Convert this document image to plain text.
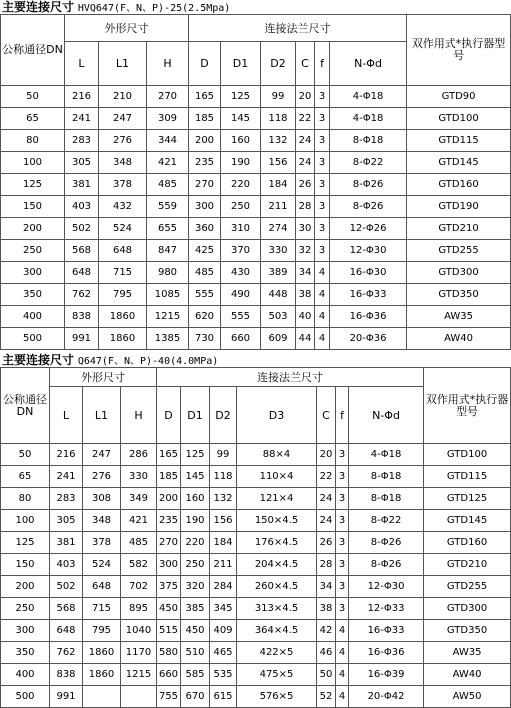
主要连接尺寸 HVQ647(F、N、P)-25(2.5Mpa)
公称通径DN	外形尺寸			连接法兰尺寸						双作用式*执行器型号
	L	L1	H	D	D1	D2	C	f	N-Φd	
50	216	210	270	165	125	99	20	3	4-Φ18	GTD90
65	241	247	309	185	145	118	22	3	4-Φ18	GTD100
80	283	276	344	200	160	132	24	3	8-Φ18	GTD115
100	305	348	421	235	190	156	24	3	8-Φ22	GTD145
125	381	378	485	270	220	184	26	3	8-Φ26	GTD160
150	403	432	559	300	250	211	28	3	8-Φ26	GTD190
200	502	524	655	360	310	274	30	3	12-Φ26	GTD210
250	568	648	847	425	370	330	32	3	12-Φ30	GTD255
300	648	715	980	485	430	389	34	4	16-Φ30	GTD300
350	762	795	1085	555	490	448	38	4	16-Φ33	GTD350
400	838	1860	1215	620	555	503	40	4	16-Φ36	AW35
500	991	1860	1385	730	660	609	44	4	20-Φ36	AW40
主要连接尺寸 Q647(F、N、P)-40(4.0MPa)
公称通径DN	外形尺寸			连接法兰尺寸							双作用式*执行器型号
	L	L1	H	D	D1	D2	D3	C	f	N-Φd	
50	216	247	286	165	125	99	88×4	20	3	4-Φ18	GTD100
65	241	276	330	185	145	118	110×4	22	3	8-Φ18	GTD115
80	283	308	349	200	160	132	121×4	24	3	8-Φ18	GTD125
100	305	348	421	235	190	156	150×4.5	24	3	8-Φ22	GTD145
125	381	378	485	270	220	184	176×4.5	26	3	8-Φ26	GTD160
150	403	524	582	300	250	211	204×4.5	28	3	8-Φ26	GTD210
200	502	648	702	375	320	284	260×4.5	34	3	12-Φ30	GTD255
250	568	715	895	450	385	345	313×4.5	38	3	12-Φ33	GTD300
300	648	795	1040	515	450	409	364×4.5	42	4	16-Φ33	GTD350
350	762	1860	1170	580	510	465	422×5	46	4	16-Φ36	AW35
400	838	1860	1215	660	585	535	475×5	50	4	16-Φ39	AW40
500	991			755	670	615	576×5	52	4	20-Φ42	AW50
